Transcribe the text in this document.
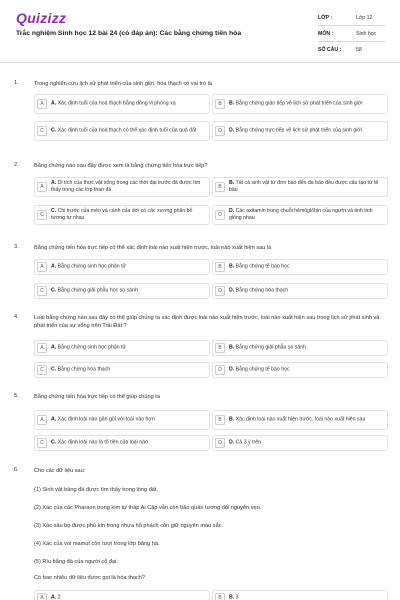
Quizizz
Trắc nghiệm Sinh học 12 bài 24 (có đáp án): Các bằng chứng tiến hóa
LỚP :	Lớp 12
MÔN :	Sinh học
SỐ CÂU :	58
1.	Trong nghiên cứu lịch sử phát triển của sinh giới, hóa thạch có vai trò là
A	A. Xác định tuổi của hoá thạch bằng đồng vị phóng xạ	B	B. Bằng chứng gián tiếp về lịch sử phát triển của sinh giới
C	C. Xác định tuổi của hoá thạch có thể xác định tuổi của quả đất	D	D. Bằng chứng trực tiếp về lịch sử phát triển của sinh giới
2.	Bằng chứng nào sau đây được xem là bằng chứng tiến hóa trực tiếp?
A
A. Di tích của thực vật sống trong các thời đại trước đã được tìm thấy trong các lớp than đá	B
B. Tất cả sinh vật từ đơn bào đến đa bào đều được cấu tạo từ tế bào
C
C. Chi trước của mèo và cánh của dơi có các xương phân bố tương tự nhau	D
D. Các axitamin trong chuỗi hêmôglôbin của người và tinh tinh giống nhau
3.	Bằng chứng tiến hóa trực tiếp có thể xác định loài nào xuất hiện trước, loài nào xuất hiện sau là
A	A. Bằng chứng sinh học phân tử	B	B. Bằng chứng tế bào học
C	C. Bằng chứng giải phẫu học so sánh	D	D. Bằng chứng hóa thạch
4.	Loại bằng chứng nào sau đây có thể giúp chúng ta xác định được loài nào xuất hiện trước, loài nào xuất hiện sau trong lịch sử phát sinh và phát triển của sự sống trên Trái Đất ?
A	A. Bằng chứng sinh học phân tử	B	B. Bằng chứng giải phẫu so sánh
C	C. Bằng chứng hóa thạch	D	D. Bằng chứng tế bào học
5.	Bằng chứng tiến hóa trực tiếp có thể giúp chúng ta
A	A. Xác định loài nào gần gũi với loài nào hơn	B	B. Xác định loài nào xuất hiện trước, loài nào xuất hiện sau
C	C. Xác định loài nào là tổ tiên của loài nào	D	D. Cả 3 ý trên
6.	Cho các dữ liệu sau:
(1) Sinh vật bảng đá được tìm thấy trong lòng đất.
(2) Xác của các Pharaon trong kim tự tháp Ai Cập vẫn còn bảo quản tương đối nguyên vẹn.
(3) Xác sâu bọ được phủ kín trong nhựa hổ phách còn giữ nguyên màu sắc.
(4) Xác của voi mamut còn tươi trong lớp băng hà.
(5) Rìu bằng đá của người cổ đại.
Có bao nhiêu dữ liệu được gọi là hóa thạch?
A	A. 2	B	B. 3
